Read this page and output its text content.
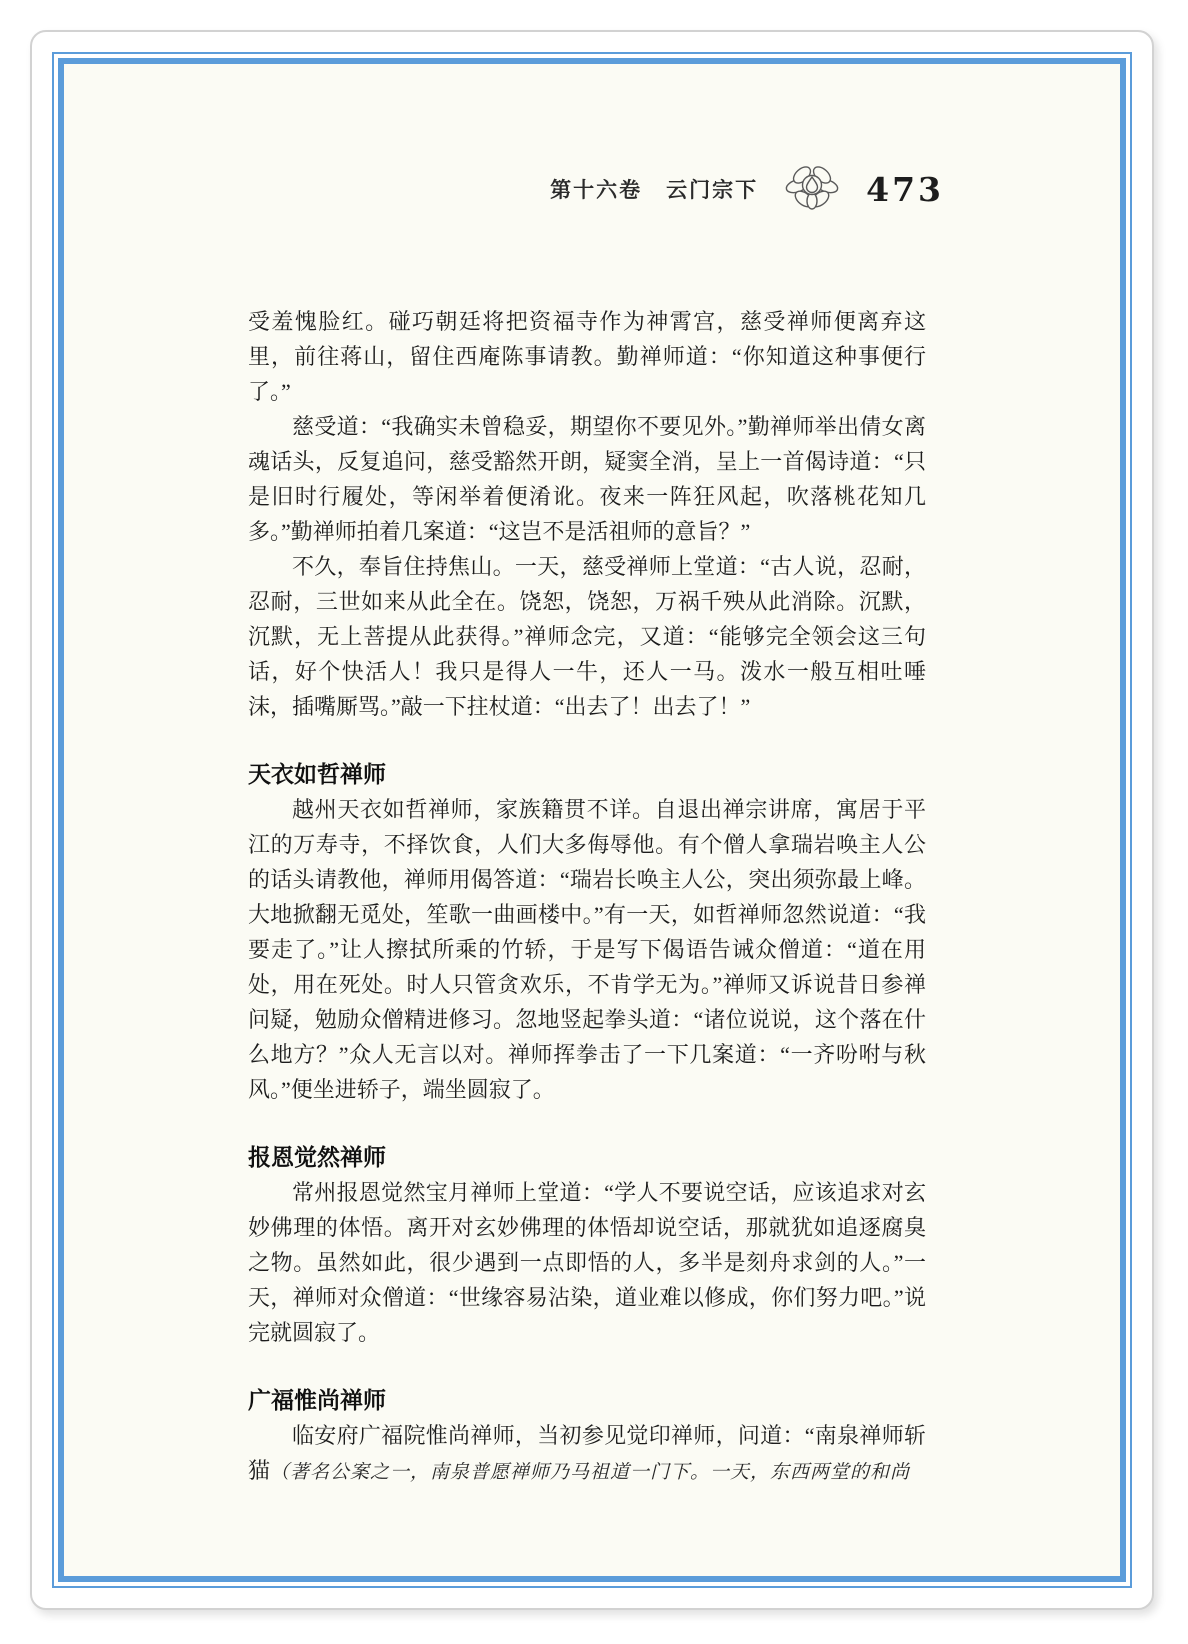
第十六卷 云门宗下	473

受羞愧脸红。碰巧朝廷将把资福寺作为神霄宫，慈受禅师便离弃这里，前往蒋山，留住西庵陈事请教。勤禅师道：“你知道这种事便行了。”

慈受道：“我确实未曾稳妥，期望你不要见外。”勤禅师举出倩女离魂话头，反复追问，慈受豁然开朗，疑窦全消，呈上一首偈诗道：“只是旧时行履处，等闲举着便淆讹。夜来一阵狂风起，吹落桃花知几多。”勤禅师拍着几案道：“这岂不是活祖师的意旨？”

不久，奉旨住持焦山。一天，慈受禅师上堂道：“古人说，忍耐，忍耐，三世如来从此全在。饶恕，饶恕，万祸千殃从此消除。沉默，沉默，无上菩提从此获得。”禅师念完，又道：“能够完全领会这三句话，好个快活人！我只是得人一牛，还人一马。泼水一般互相吐唾沫，插嘴厮骂。”敲一下拄杖道：“出去了！出去了！”

天衣如哲禅师

越州天衣如哲禅师，家族籍贯不详。自退出禅宗讲席，寓居于平江的万寿寺，不择饮食，人们大多侮辱他。有个僧人拿瑞岩唤主人公的话头请教他，禅师用偈答道：“瑞岩长唤主人公，突出须弥最上峰。大地掀翻无觅处，笙歌一曲画楼中。”有一天，如哲禅师忽然说道：“我要走了。”让人擦拭所乘的竹轿，于是写下偈语告诫众僧道：“道在用处，用在死处。时人只管贪欢乐，不肯学无为。”禅师又诉说昔日参禅问疑，勉励众僧精进修习。忽地竖起拳头道：“诸位说说，这个落在什么地方？”众人无言以对。禅师挥拳击了一下几案道：“一齐吩咐与秋风。”便坐进轿子，端坐圆寂了。

报恩觉然禅师

常州报恩觉然宝月禅师上堂道：“学人不要说空话，应该追求对玄妙佛理的体悟。离开对玄妙佛理的体悟却说空话，那就犹如追逐腐臭之物。虽然如此，很少遇到一点即悟的人，多半是刻舟求剑的人。”一天，禅师对众僧道：“世缘容易沾染，道业难以修成，你们努力吧。”说完就圆寂了。

广福惟尚禅师

临安府广福院惟尚禅师，当初参见觉印禅师，问道：“南泉禅师斩猫（著名公案之一，南泉普愿禅师乃马祖道一门下。一天，东西两堂的和尚
